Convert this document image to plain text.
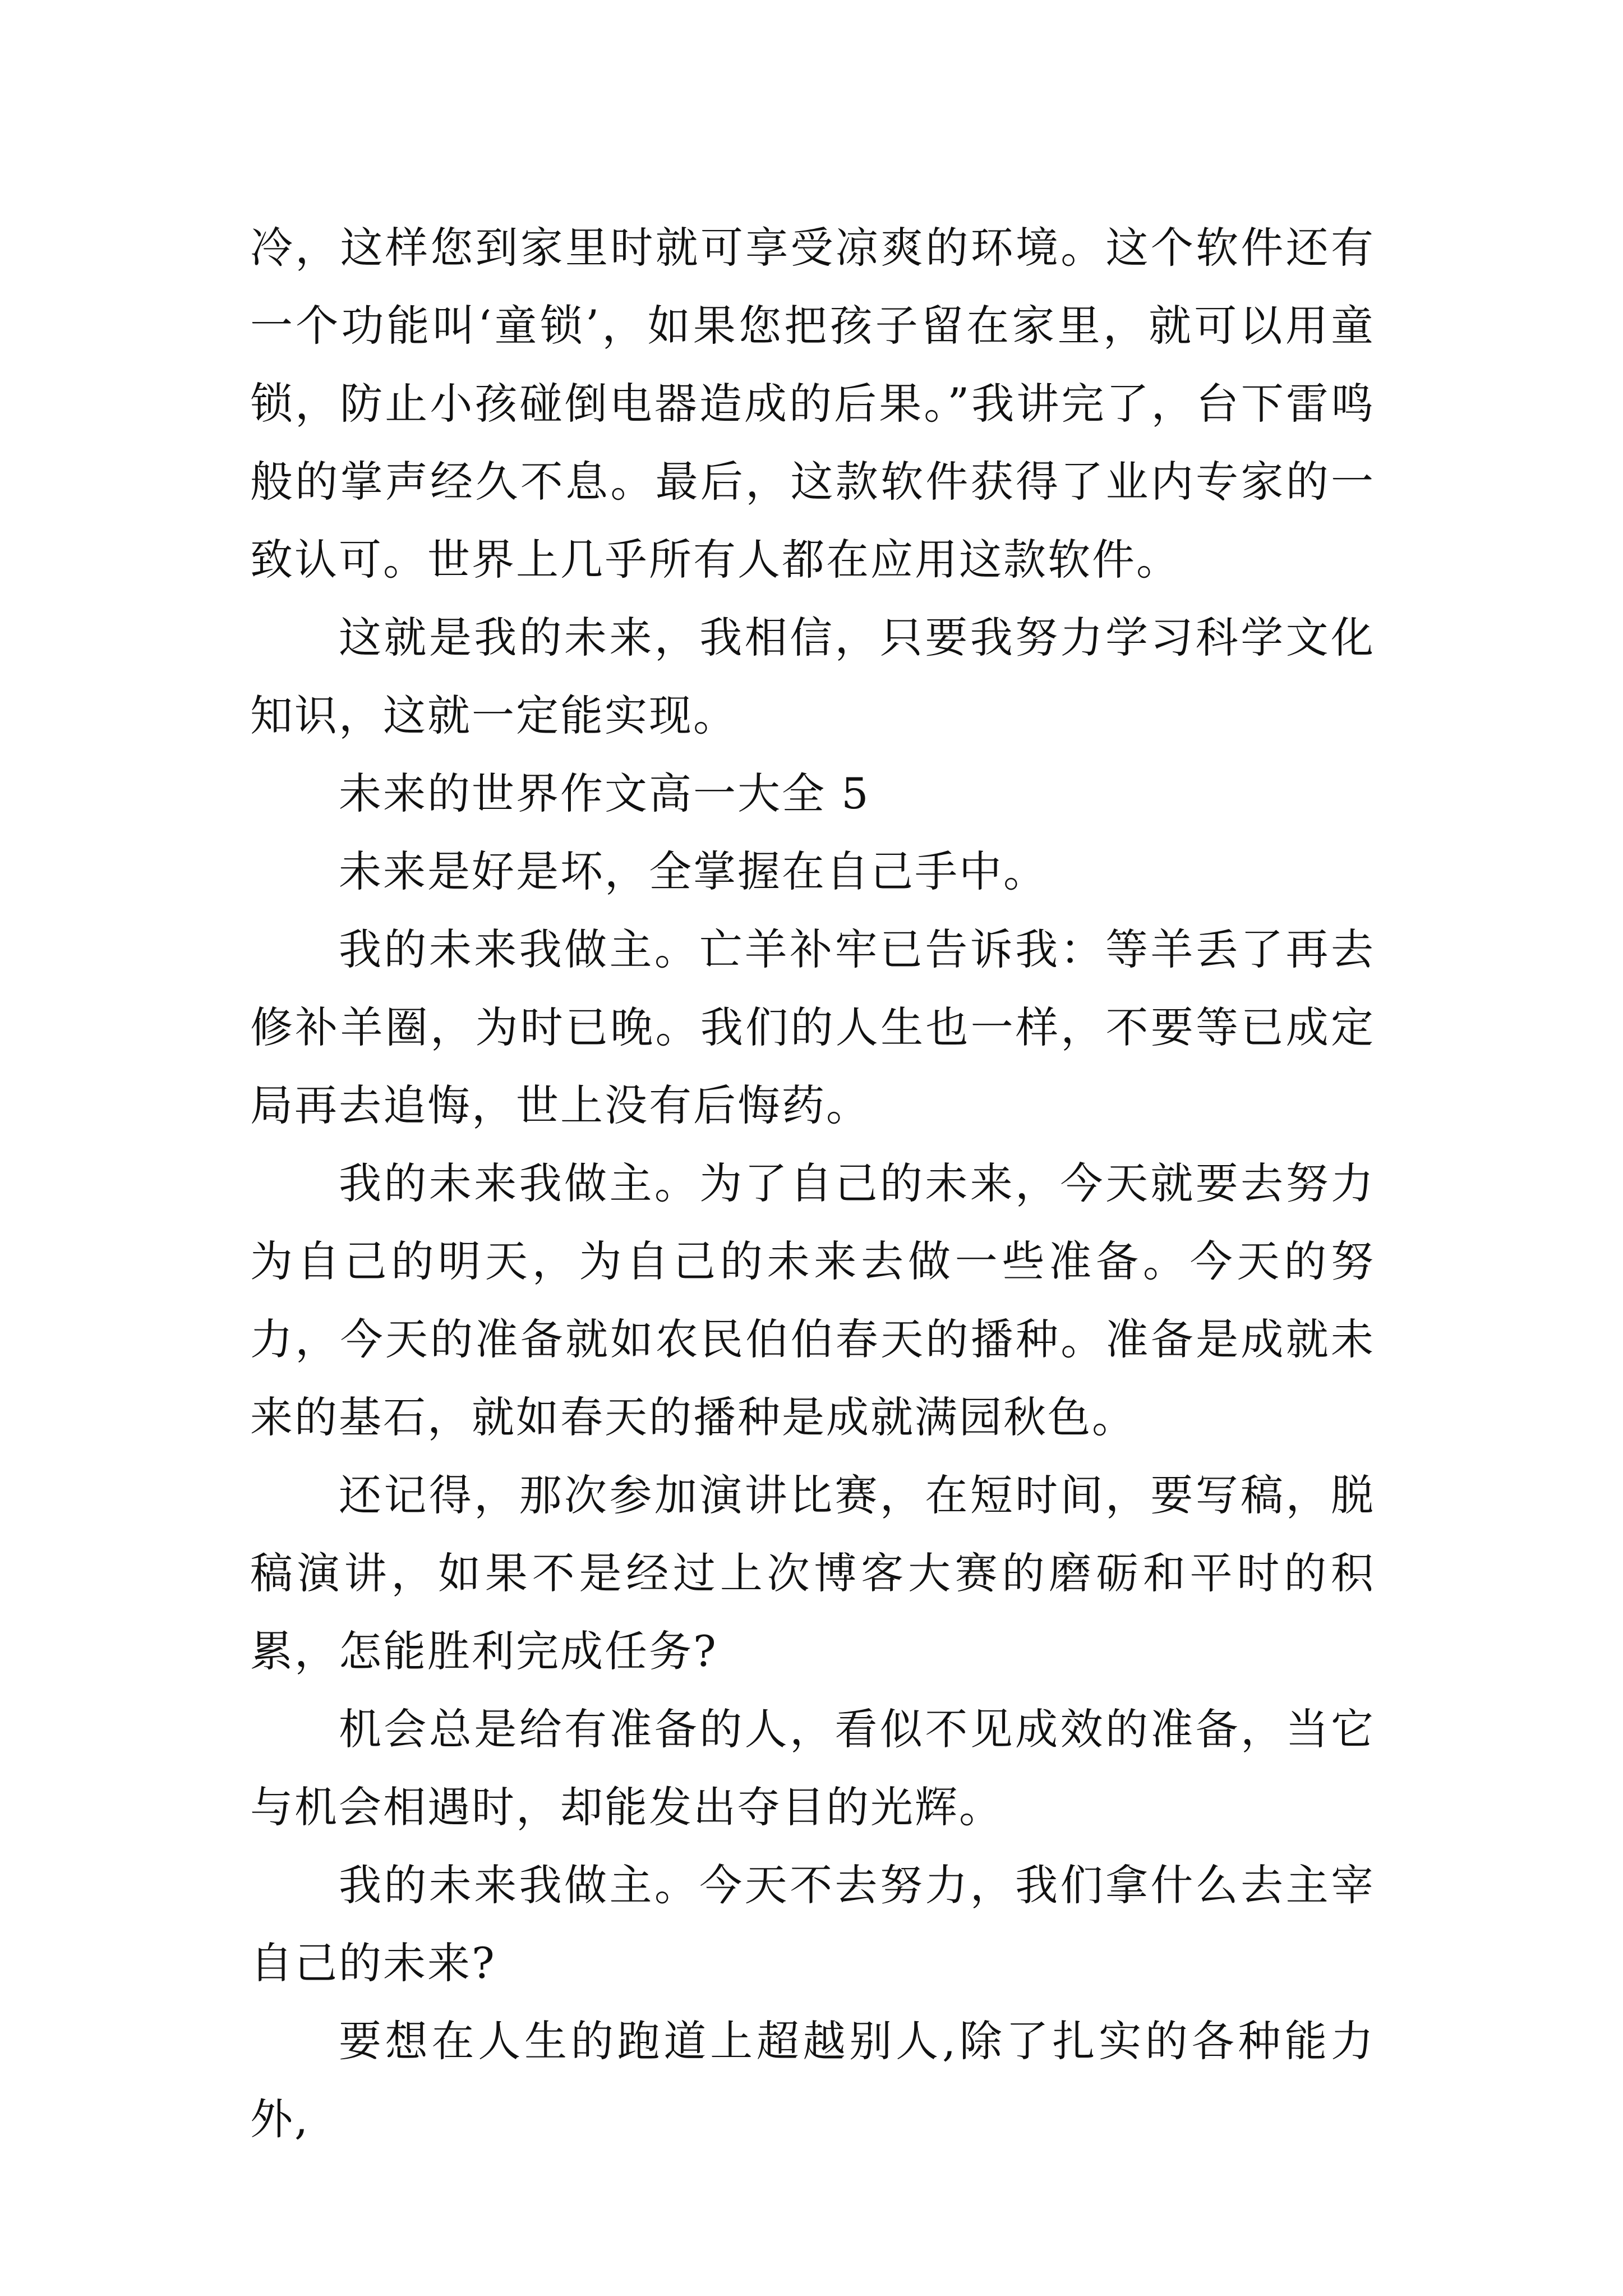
冷，这样您到家里时就可享受凉爽的环境。这个软件还有一个功能叫‘童锁’，如果您把孩子留在家里，就可以用童锁，防止小孩碰倒电器造成的后果。”我讲完了，台下雷鸣般的掌声经久不息。最后，这款软件获得了业内专家的一致认可。世界上几乎所有人都在应用这款软件。

这就是我的未来，我相信，只要我努力学习科学文化知识，这就一定能实现。

未来的世界作文高一大全 5

未来是好是坏，全掌握在自己手中。

我的未来我做主。亡羊补牢已告诉我：等羊丢了再去修补羊圈，为时已晚。我们的人生也一样，不要等已成定局再去追悔，世上没有后悔药。

我的未来我做主。为了自己的未来，今天就要去努力为自己的明天，为自己的未来去做一些准备。今天的努力，今天的准备就如农民伯伯春天的播种。准备是成就未来的基石，就如春天的播种是成就满园秋色。

还记得，那次参加演讲比赛，在短时间，要写稿，脱稿演讲，如果不是经过上次博客大赛的磨砺和平时的积累，怎能胜利完成任务?

机会总是给有准备的人，看似不见成效的准备，当它与机会相遇时，却能发出夺目的光辉。

我的未来我做主。今天不去努力，我们拿什么去主宰自己的未来?

要想在人生的跑道上超越别人,除了扎实的各种能力外,
